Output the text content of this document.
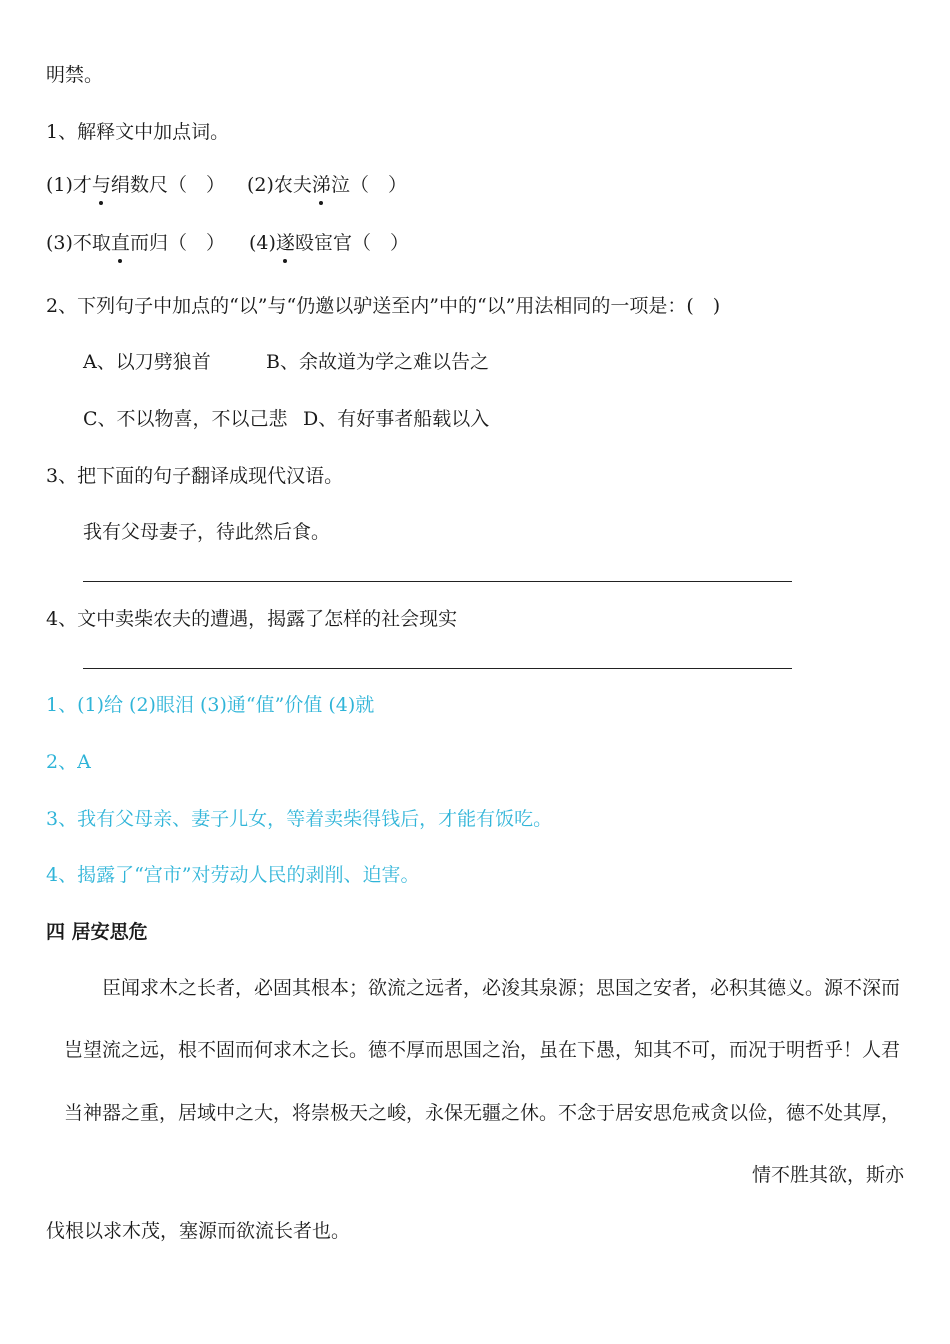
明禁。
1、解释文中加点词。
(1)才与绢数尺（　） (2)农夫涕泣（　）
(3)不取直而归（　） (4)遂殴宦官（　）
2、下列句子中加点的“以”与“仍邀以驴送至内”中的“以”用法相同的一项是：(　)
A、以刀劈狼首	B、余故道为学之难以告之
C、不以物喜，不以己悲 D、有好事者船载以入
3、把下面的句子翻译成现代汉语。
我有父母妻子，待此然后食。
4、文中卖柴农夫的遭遇，揭露了怎样的社会现实
1、(1)给 (2)眼泪 (3)通“值”价值 (4)就
2、A
3、我有父母亲、妻子儿女，等着卖柴得钱后，才能有饭吃。
4、揭露了“宫市”对劳动人民的剥削、迫害。
四 居安思危
臣闻求木之长者，必固其根本；欲流之远者，必浚其泉源；思国之安者，必积其德义。源不深而
岂望流之远，根不固而何求木之长。德不厚而思国之治，虽在下愚，知其不可，而况于明哲乎！人君
当神器之重，居域中之大，将崇极天之峻，永保无疆之休。不念于居安思危戒贪以俭，德不处其厚，
情不胜其欲，斯亦
伐根以求木茂，塞源而欲流长者也。
